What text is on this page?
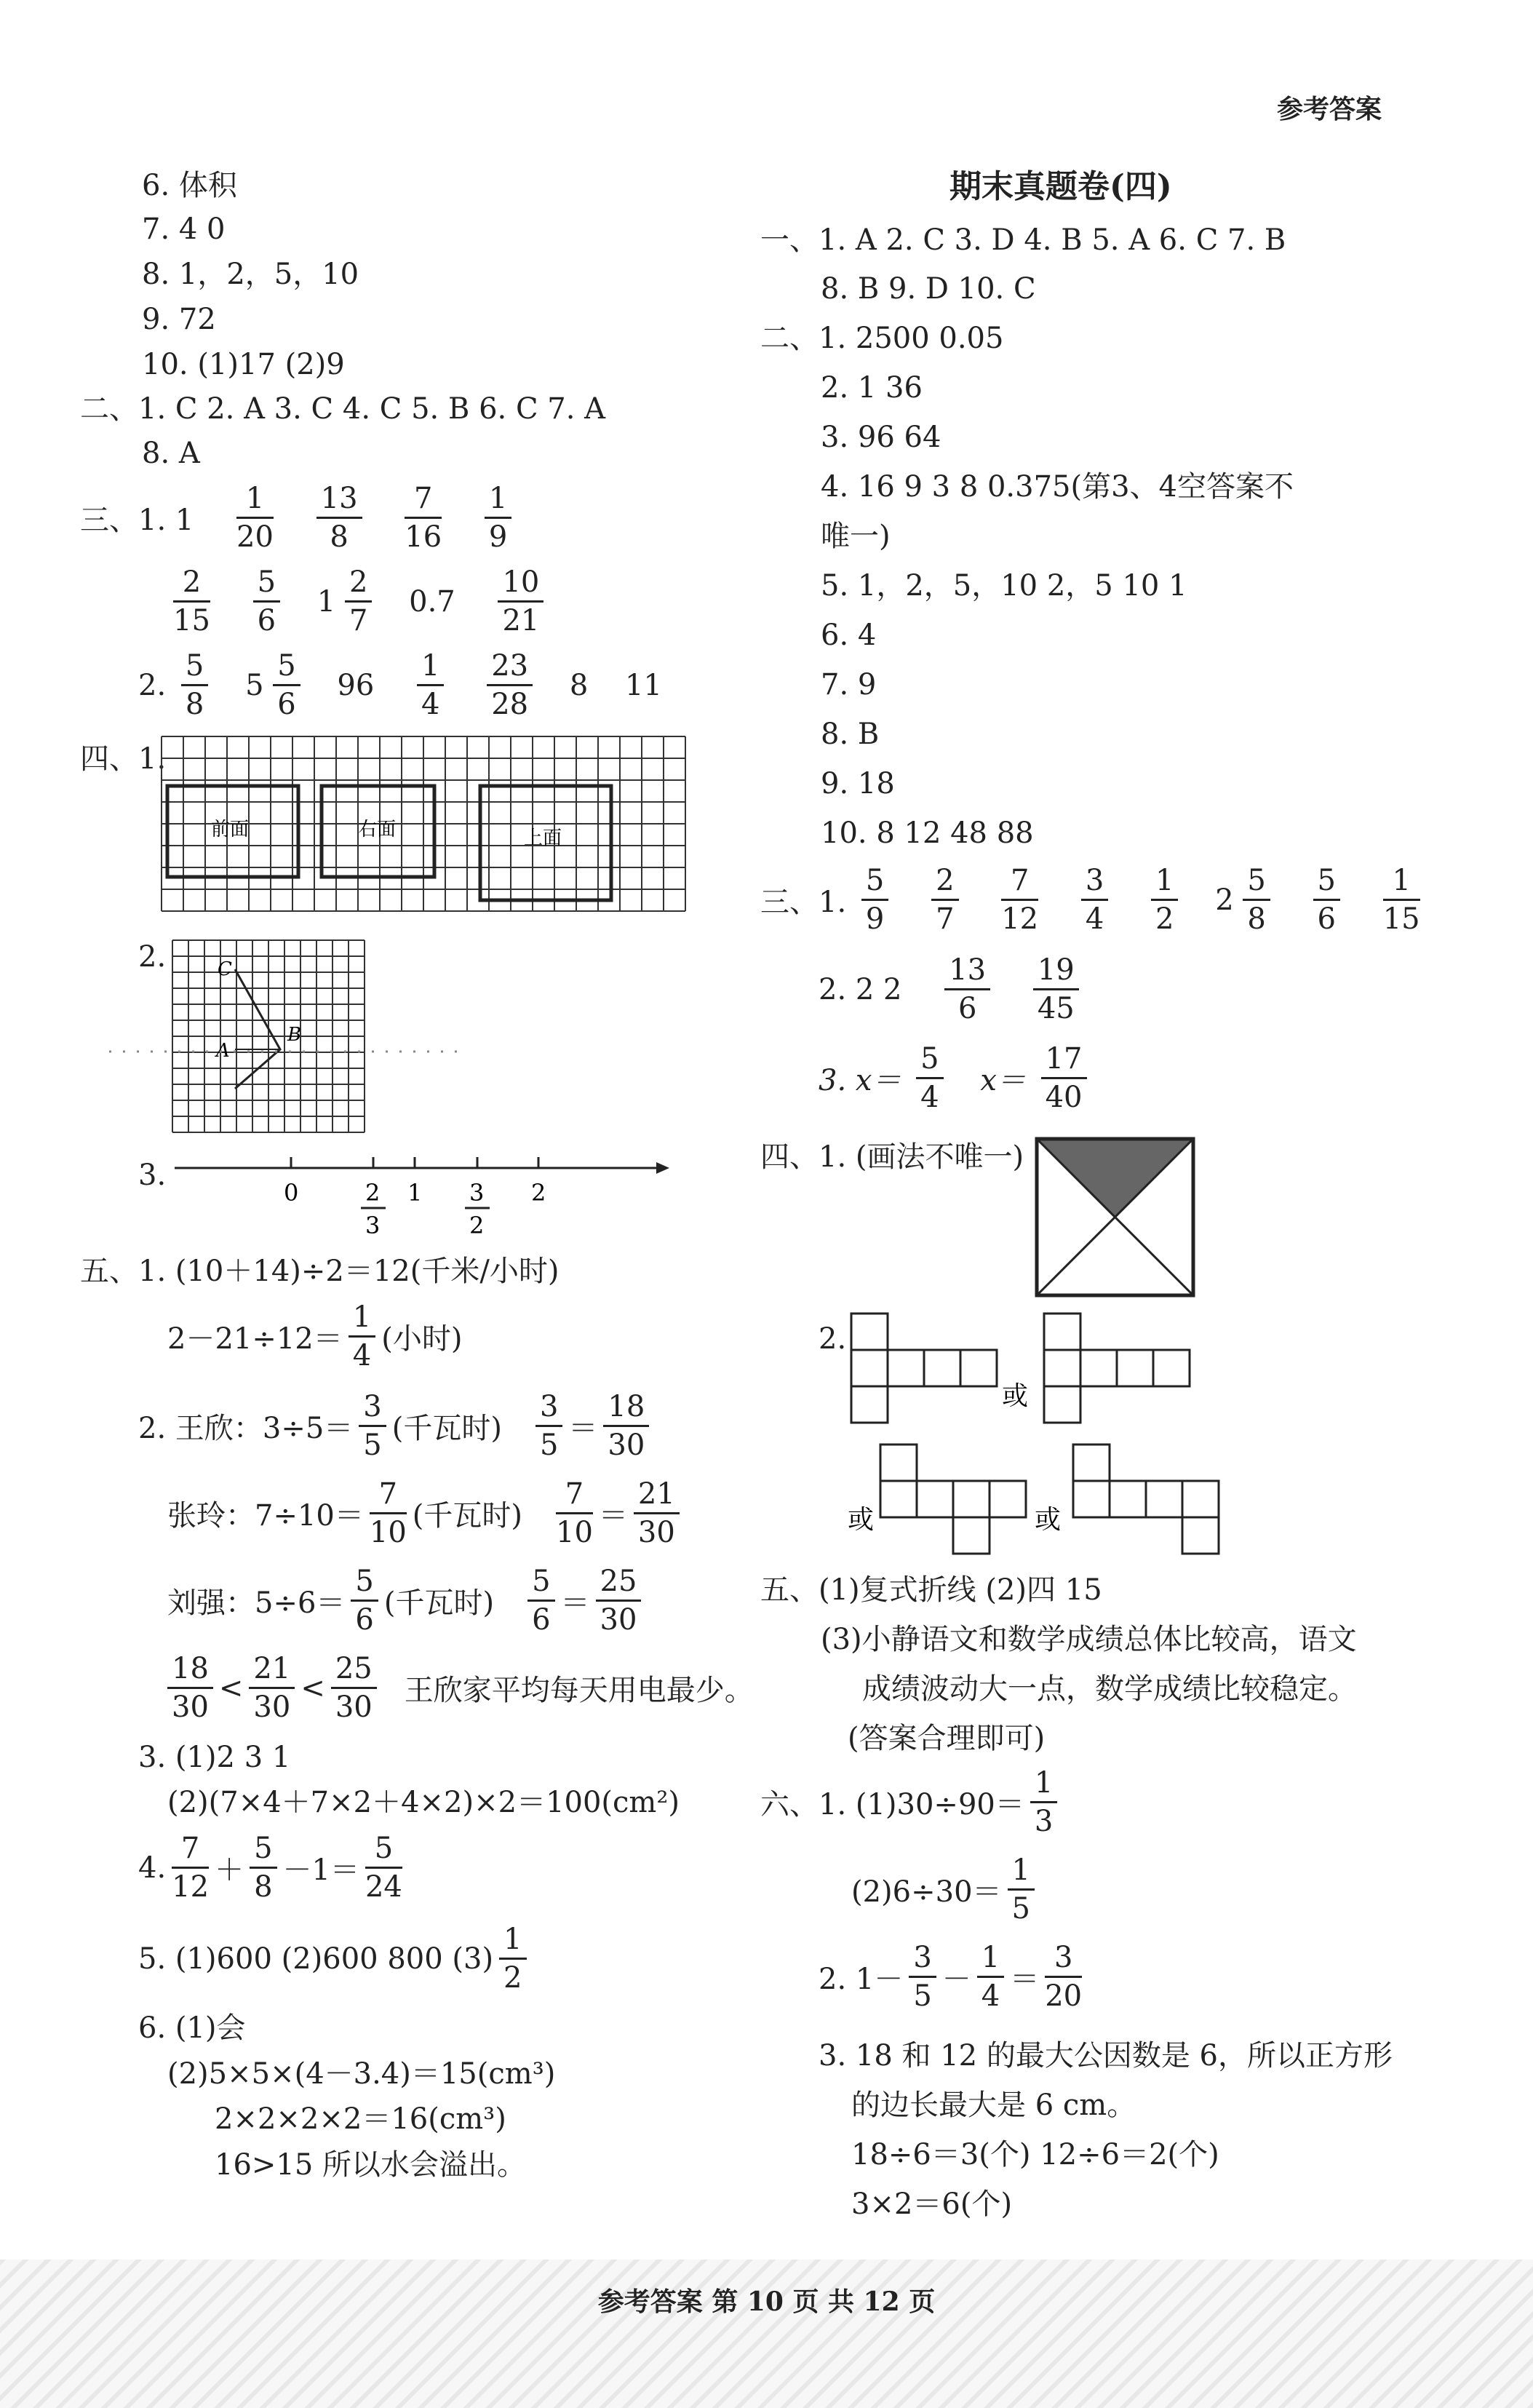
参考答案
6. 体积
7. 4 0
8. 1，2，5，10
9. 72
10. (1)17 (2)9
二、1. C 2. A 3. C 4. C 5. B 6. C 7. A
8. A
三、1. $1 \frac{1}{20}$
$\frac{13}{8}$
$\frac{7}{16}$
$\frac{1}{9}$
$\frac{2}{15}$
$\frac{5}{6} 1 \frac{2}{7} 0.7 \frac{10}{21}$
2. $\frac{5}{8} 5 \frac{5}{6} 96 \frac{1}{4}$
$\frac{23}{28} 8$ 11
四、1.
前面	右面	上面
2.	C
B
A
3.
0	1	2
2
3
3
2
五、1. (10＋14)÷2＝12(千米/小时)
$2-21\div 12= \frac{1}{4}$ (小时)
2. 王欣：$3\div 5= \frac{3}{5}$ (千瓦时) $\frac{3}{5} = \frac{18}{30}$
张玲：$7\div 10= \frac{7}{10}$ (千瓦时) $\frac{7}{10} = \frac{21}{30}$
刘强：$5\div 6= \frac{5}{6}$ (千瓦时) $\frac{5}{6} = \frac{25}{30}$
$\frac{18}{30} < \frac{21}{30} < \frac{25}{30}$ 王欣家平均每天用电最少。
3. (1)2 3 1
(2)(7×4＋7×2＋4×2)×2＝100(cm²)
4. $\frac{7}{12} + \frac{5}{8} -1= \frac{5}{24}$
5. (1)600 (2)600 800 $(3) \frac{1}{2}$
6. (1)会
(2)5×5×(4－3.4)＝15(cm³)
2×2×2×2＝16(cm³)
16>15 所以水会溢出。
期末真题卷(四)
一、1. A 2. C 3. D 4. B 5. A 6. C 7. B
8. B 9. D 10. C
二、1. 2500 0.05
2. 1 36
3. 96 64
4. 16 9 3 8 0.375(第3、4空答案不
唯一)
5. 1，2，5，10 2，5 10 1
6. 4
7. 9
8. B
9. 18
10. 8 12 48 88
三、1. $\frac{5}{9}$
$\frac{2}{7}$
$\frac{7}{12}$
$\frac{3}{4}$
$\frac{1}{2} 2 \frac{5}{8}$
$\frac{5}{6}$
$\frac{1}{15}$
2. 2 $2 \frac{13}{6}$
$\frac{19}{45}$
3. $x= \frac{5}{4} x= \frac{17}{40}$
四、1. (画法不唯一)
2.
或
或	或
五、(1)复式折线 (2)四 15
(3)小静语文和数学成绩总体比较高，语文
成绩波动大一点，数学成绩比较稳定。
(答案合理即可)
六、1. $(1)30\div 90= \frac{1}{3}$
$(2)6\div 30= \frac{1}{5}$
2. $1- \frac{3}{5} - \frac{1}{4} = \frac{3}{20}$
3. 18 和 12 的最大公因数是 6，所以正方形
的边长最大是 6 cm。
18÷6＝3(个) 12÷6＝2(个)
3×2＝6(个)
参考答案 第 10 页 共 12 页
